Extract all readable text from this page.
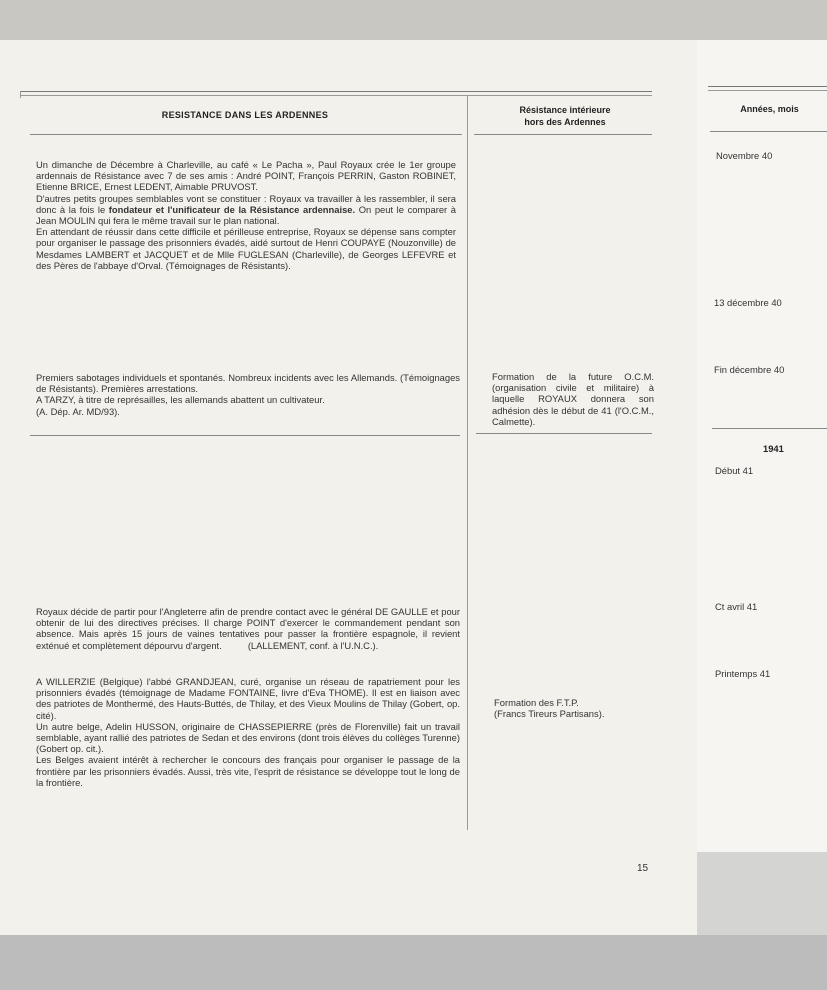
RESISTANCE DANS LES ARDENNES	Résistance intérieure
hors des Ardennes
Années, mois

Un dimanche de Décembre à Charleville, au café « Le Pacha », Paul Royaux crée le 1er groupe ardennais de Résistance avec 7 de ses amis : André POINT, François PERRIN, Gaston ROBINET, Etienne BRICE, Ernest LEDENT, Aimable PRUVOST.

D'autres petits groupes semblables vont se constituer : Royaux va travailler à les rassembler, il sera donc à la fois le fondateur et l'unificateur de la Résistance ardennaise. On peut le comparer à Jean MOULIN qui fera le même travail sur le plan national.

En attendant de réussir dans cette difficile et périlleuse entreprise, Royaux se dépense sans compter pour organiser le passage des prisonniers évadés, aidé surtout de Henri COUPAYE (Nouzonville) de Mesdames LAMBERT et JACQUET et de Mlle FUGLESAN (Charleville), de Georges LEFEVRE et des Pères de l'abbaye d'Orval. (Témoignages de Résistants).

Premiers sabotages individuels et spontanés. Nombreux incidents avec les Allemands. (Témoignages de Résistants). Premières arrestations.

A TARZY, à titre de représailles, les allemands abattent un cultivateur.

(A. Dép. Ar. MD/93).

Royaux décide de partir pour l'Angleterre afin de prendre contact avec le général DE GAULLE et pour obtenir de lui des directives précises. Il charge POINT d'exercer le commandement pendant son absence. Mais après 15 jours de vaines tentatives pour passer la frontière espagnole, il revient exténué et complètement dépourvu d'argent.	(LALLEMENT, conf. à l'U.N.C.).

A WILLERZIE (Belgique) l'abbé GRANDJEAN, curé, organise un réseau de rapatriement pour les prisonniers évadés (témoignage de Madame FONTAINE, livre d'Eva THOME). Il est en liaison avec des patriotes de Monthermé, des Hauts-Buttés, de Thilay, et des Vieux Moulins de Thilay (Gobert, op. cité).

Un autre belge, Adelin HUSSON, originaire de CHASSEPIERRE (près de Florenville) fait un travail semblable, ayant rallié des patriotes de Sedan et des environs (dont trois élèves du collèges Turenne) (Gobert op. cit.).

Les Belges avaient intérêt à rechercher le concours des français pour organiser le passage de la frontière par les prisonniers évadés. Aussi, très vite, l'esprit de résistance se développe tout le long de la frontière.

Formation de la future O.C.M. (organisation civile et militaire) à laquelle ROYAUX donnera son adhésion dès le début de 41 (l'O.C.M., Calmette).
Formation des F.T.P.
(Francs Tireurs Partisans).
Novembre 40
13 décembre 40
Fin décembre 40
1941
Début 41
Ct avril 41
Printemps 41
15
